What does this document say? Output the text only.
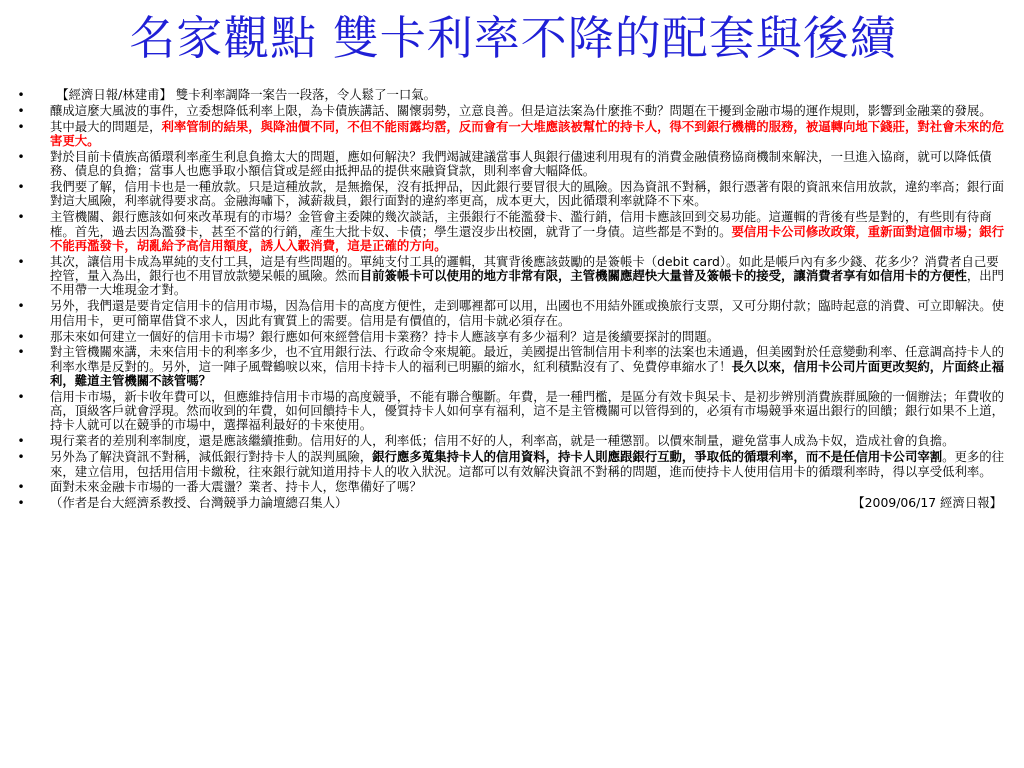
名家觀點 雙卡利率不降的配套與後續
• 　【經濟日報/林建甫】 雙卡利率調降一案告一段落，令人鬆了一口氣。
• 釀成這麼大風波的事件，立委想降低利率上限，為卡債族講話、關懷弱勢，立意良善。但是這法案為什麼推不動？問題在干擾到金融市場的運作規則，影響到金融業的發展。
• 其中最大的問題是，利率管制的結果，與降油價不同，不但不能雨露均霑，反而會有一大堆應該被幫忙的持卡人，得不到銀行機構的服務，被逼轉向地下錢莊，對社會未來的危害更大。
• 對於目前卡債族高循環利率產生利息負擔太大的問題，應如何解決？我們竭誠建議當事人與銀行儘速利用現有的消費金融債務協商機制來解決，一旦進入協商，就可以降低債務、債息的負擔；當事人也應爭取小額信貸或是經由抵押品的提供來融資貸款，則利率會大幅降低。
• 我們要了解，信用卡也是一種放款。只是這種放款，是無擔保，沒有抵押品，因此銀行要冒很大的風險。因為資訊不對稱，銀行憑著有限的資訊來信用放款，違約率高；銀行面對這大風險，利率就得要求高。金融海嘯下，減薪裁員，銀行面對的違約率更高，成本更大，因此循環利率就降不下來。
• 主管機關、銀行應該如何來改革現有的市場？金管會主委陳的幾次談話，主張銀行不能濫發卡、濫行銷，信用卡應該回到交易功能。這邏輯的背後有些是對的，有些則有待商榷。首先，過去因為濫發卡，甚至不當的行銷，產生大批卡奴、卡債；學生還沒步出校園，就背了一身債。這些都是不對的。要信用卡公司修改政策，重新面對這個市場；銀行不能再濫發卡，胡亂給予高信用額度，誘人入轂消費，這是正確的方向。
• 其次，讓信用卡成為單純的支付工具，這是有些問題的。單純支付工具的邏輯，其實背後應該鼓勵的是簽帳卡（debit card）。如此是帳戶內有多少錢、花多少？消費者自己要控管，量入為出，銀行也不用冒放款變呆帳的風險。然而目前簽帳卡可以使用的地方非常有限，主管機關應趕快大量普及簽帳卡的接受，讓消費者享有如信用卡的方便性，出門不用帶一大堆現金才對。
• 另外，我們還是要肯定信用卡的信用市場，因為信用卡的高度方便性，走到哪裡都可以用，出國也不用結外匯或換旅行支票，又可分期付款；臨時起意的消費、可立即解決。使用信用卡，更可簡單借貸不求人，因此有實質上的需要。信用是有價值的，信用卡就必須存在。
• 那未來如何建立一個好的信用卡市場？銀行應如何來經營信用卡業務？持卡人應該享有多少福利？這是後續要探討的問題。
• 對主管機關來講，未來信用卡的利率多少，也不宜用銀行法、行政命令來規範。最近，美國提出管制信用卡利率的法案也未通過，但美國對於任意變動利率、任意調高持卡人的利率水準是反對的。另外，這一陣子風聲鶴唳以來，信用卡持卡人的福利已明顯的縮水，紅利積點沒有了、免費停車縮水了！長久以來，信用卡公司片面更改契約，片面終止福利，難道主管機關不該管嗎？
• 信用卡市場，新卡收年費可以，但應維持信用卡市場的高度競爭，不能有聯合壟斷。年費，是一種門檻，是區分有效卡與呆卡、是初步辨別消費族群風險的一個辦法；年費收的高，頂級客戶就會浮現。然而收到的年費，如何回饋持卡人，優質持卡人如何享有福利，這不是主管機關可以管得到的，必須有市場競爭來逼出銀行的回饋；銀行如果不上道，持卡人就可以在競爭的市場中，選擇福利最好的卡來使用。
• 現行業者的差別利率制度，還是應該繼續推動。信用好的人，利率低；信用不好的人，利率高，就是一種懲罰。以價來制量，避免當事人成為卡奴，造成社會的負擔。
• 另外為了解決資訊不對稱，減低銀行對持卡人的誤判風險，銀行應多蒐集持卡人的信用資料，持卡人則應跟銀行互動，爭取低的循環利率，而不是任信用卡公司宰割。更多的往來，建立信用，包括用信用卡繳稅，往來銀行就知道用持卡人的收入狀況。這都可以有效解決資訊不對稱的問題，進而使持卡人使用信用卡的循環利率時，得以享受低利率。
• 面對未來金融卡市場的一番大震盪？業者、持卡人，您準備好了嗎？
• （作者是台大經濟系教授、台灣競爭力論壇總召集人）	【2009/06/17 經濟日報】
